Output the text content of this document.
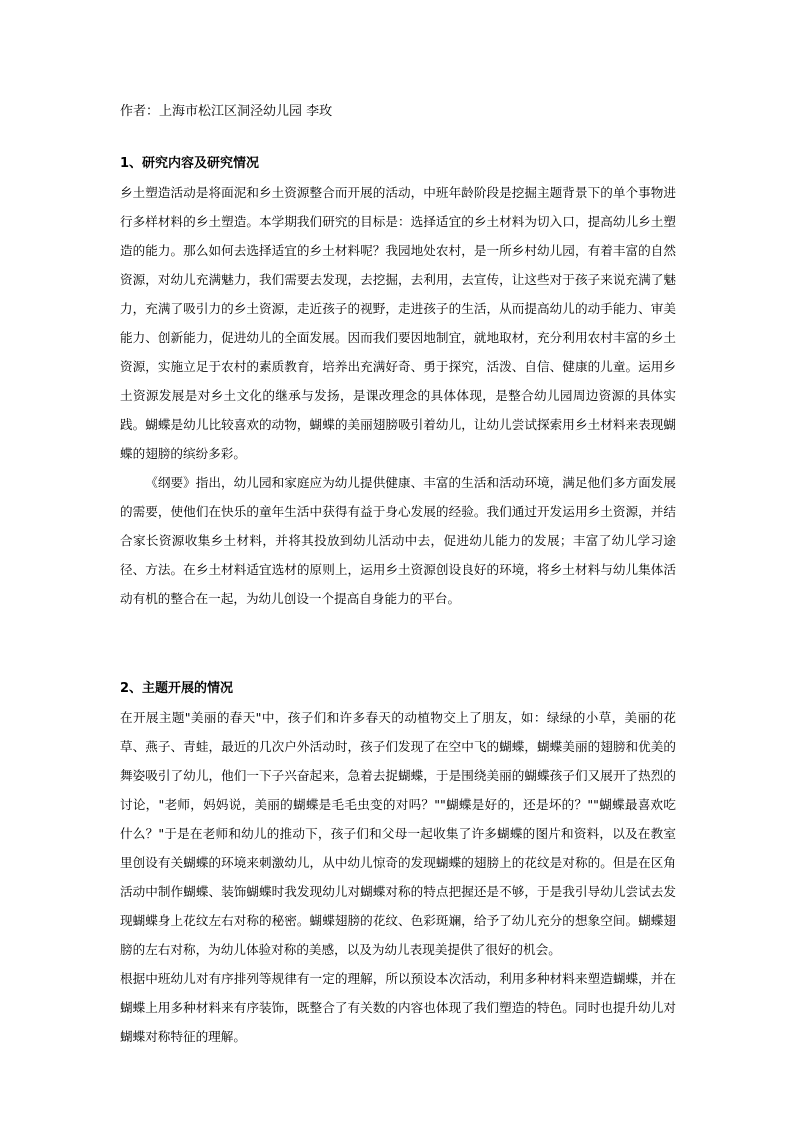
作者：上海市松江区洞泾幼儿园 李玫

1、研究内容及研究情况

乡土塑造活动是将面泥和乡土资源整合而开展的活动，中班年龄阶段是挖掘主题背景下的单个事物进行多样材料的乡土塑造。本学期我们研究的目标是：选择适宜的乡土材料为切入口，提高幼儿乡土塑造的能力。那么如何去选择适宜的乡土材料呢？我园地处农村，是一所乡村幼儿园，有着丰富的自然资源，对幼儿充满魅力，我们需要去发现，去挖掘，去利用，去宣传，让这些对于孩子来说充满了魅力，充满了吸引力的乡土资源，走近孩子的视野，走进孩子的生活，从而提高幼儿的动手能力、审美能力、创新能力，促进幼儿的全面发展。因而我们要因地制宜，就地取材，充分利用农村丰富的乡土资源，实施立足于农村的素质教育，培养出充满好奇、勇于探究，活泼、自信、健康的儿童。运用乡土资源发展是对乡土文化的继承与发扬，是课改理念的具体体现，是整合幼儿园周边资源的具体实践。蝴蝶是幼儿比较喜欢的动物，蝴蝶的美丽翅膀吸引着幼儿，让幼儿尝试探索用乡土材料来表现蝴蝶的翅膀的缤纷多彩。

《纲要》指出，幼儿园和家庭应为幼儿提供健康、丰富的生活和活动环境，满足他们多方面发展的需要，使他们在快乐的童年生活中获得有益于身心发展的经验。我们通过开发运用乡土资源，并结合家长资源收集乡土材料，并将其投放到幼儿活动中去，促进幼儿能力的发展；丰富了幼儿学习途径、方法。在乡土材料适宜选材的原则上，运用乡土资源创设良好的环境，将乡土材料与幼儿集体活动有机的整合在一起，为幼儿创设一个提高自身能力的平台。

2、主题开展的情况

在开展主题"美丽的春天"中，孩子们和许多春天的动植物交上了朋友，如：绿绿的小草，美丽的花草、燕子、青蛙，最近的几次户外活动时，孩子们发现了在空中飞的蝴蝶，蝴蝶美丽的翅膀和优美的舞姿吸引了幼儿，他们一下子兴奋起来，急着去捉蝴蝶，于是围绕美丽的蝴蝶孩子们又展开了热烈的讨论，"老师，妈妈说，美丽的蝴蝶是毛毛虫变的对吗？""蝴蝶是好的，还是坏的？""蝴蝶最喜欢吃什么？"于是在老师和幼儿的推动下，孩子们和父母一起收集了许多蝴蝶的图片和资料，以及在教室里创设有关蝴蝶的环境来刺激幼儿，从中幼儿惊奇的发现蝴蝶的翅膀上的花纹是对称的。但是在区角活动中制作蝴蝶、装饰蝴蝶时我发现幼儿对蝴蝶对称的特点把握还是不够，于是我引导幼儿尝试去发现蝴蝶身上花纹左右对称的秘密。蝴蝶翅膀的花纹、色彩斑斓，给予了幼儿充分的想象空间。蝴蝶翅膀的左右对称，为幼儿体验对称的美感，以及为幼儿表现美提供了很好的机会。

根据中班幼儿对有序排列等规律有一定的理解，所以预设本次活动，利用多种材料来塑造蝴蝶，并在蝴蝶上用多种材料来有序装饰，既整合了有关数的内容也体现了我们塑造的特色。同时也提升幼儿对蝴蝶对称特征的理解。
